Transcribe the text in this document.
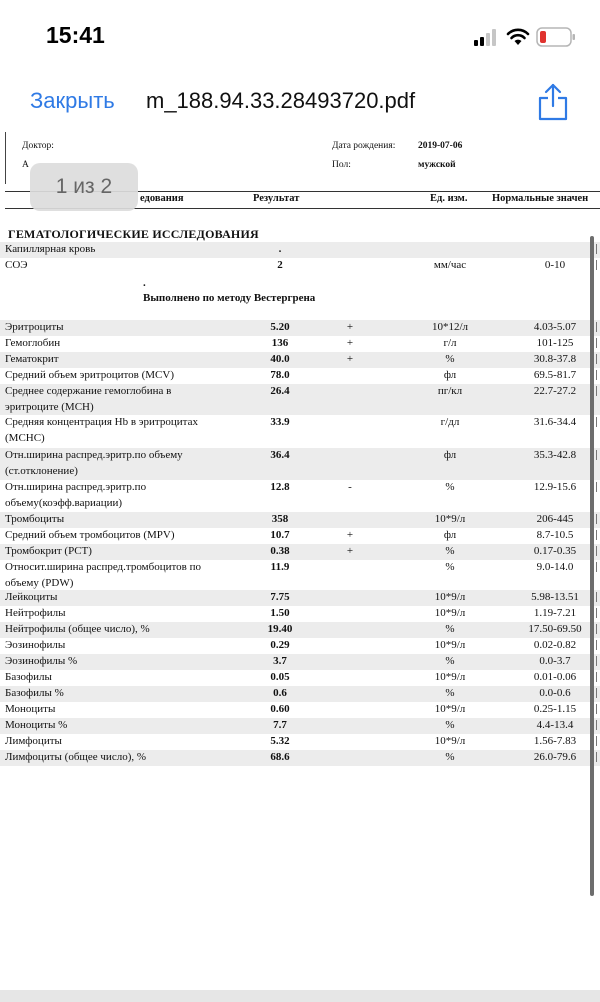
15:41
Закрыть m_188.94.33.28493720.pdf
1 из 2
Доктор:
А
Дата рождения: 2019-07-06
Пол:	мужской
едования	Результат	Ед. изм. Нормальные значен
ГЕМАТОЛОГИЧЕСКИЕ ИССЛЕДОВАНИЯ
.
Выполнено по методу Вестергрена
Капиллярная кровь	.
СОЭ	2	мм/час	0-10
Эритроциты	5.20	+	10*12/л	4.03-5.07
Гемоглобин	136	+	г/л	101-125
Гематокрит	40.0	+	%	30.8-37.8
Средний объем эритроцитов (MCV)	78.0	фл	69.5-81.7
Среднее содержание гемоглобина в эритроците (MCH)
26.4	пг/кл	22.7-27.2
Средняя концентрация Hb в эритроцитах (MCHC)
33.9	г/дл	31.6-34.4
Отн.ширина распред.эритр.по объему (ст.отклонение)
36.4	фл	35.3-42.8
Отн.ширина распред.эритр.по объему(коэфф.вариации)
12.8	-	%	12.9-15.6
Тромбоциты	358	10*9/л	206-445
Средний объем тромбоцитов (MPV)	10.7	+	фл	8.7-10.5
Тромбокрит (PCT)	0.38	+	%	0.17-0.35
Относит.ширина распред.тромбоцитов по объему (PDW)
11.9	%	9.0-14.0
Лейкоциты	7.75	10*9/л	5.98-13.51
Нейтрофилы	1.50	10*9/л	1.19-7.21
Нейтрофилы (общее число), %	19.40	%	17.50-69.50
Эозинофилы	0.29	10*9/л	0.02-0.82
Эозинофилы %	3.7	%	0.0-3.7
Базофилы	0.05	10*9/л	0.01-0.06
Базофилы %	0.6	%	0.0-0.6
Моноциты	0.60	10*9/л	0.25-1.15
Моноциты %	7.7	%	4.4-13.4
Лимфоциты	5.32	10*9/л	1.56-7.83
Лимфоциты (общее число), %	68.6	%	26.0-79.6
